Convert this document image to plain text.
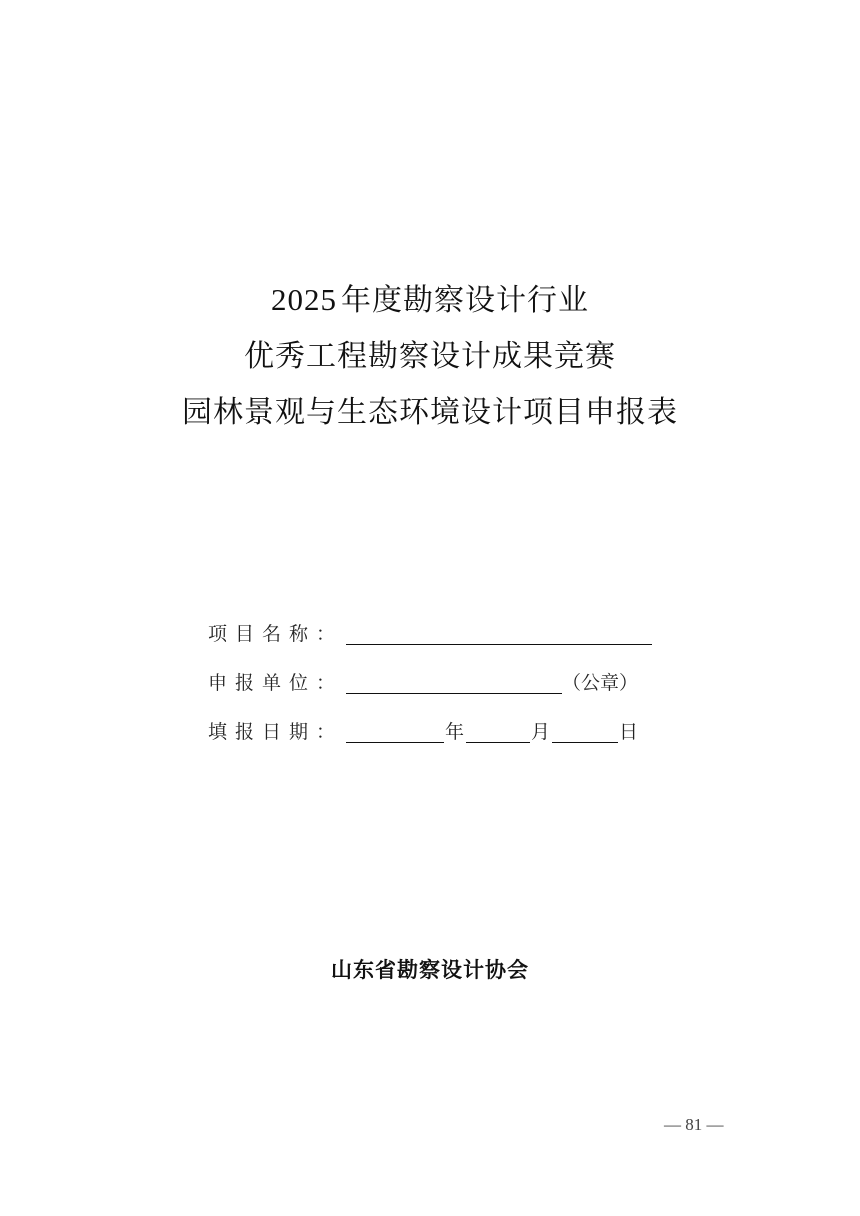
2025 年度勘察设计行业
优秀工程勘察设计成果竞赛
园林景观与生态环境设计项目申报表
项目名称：
申报单位：	（公章）
填报日期：	年	月	日
山东省勘察设计协会
— 81 —
